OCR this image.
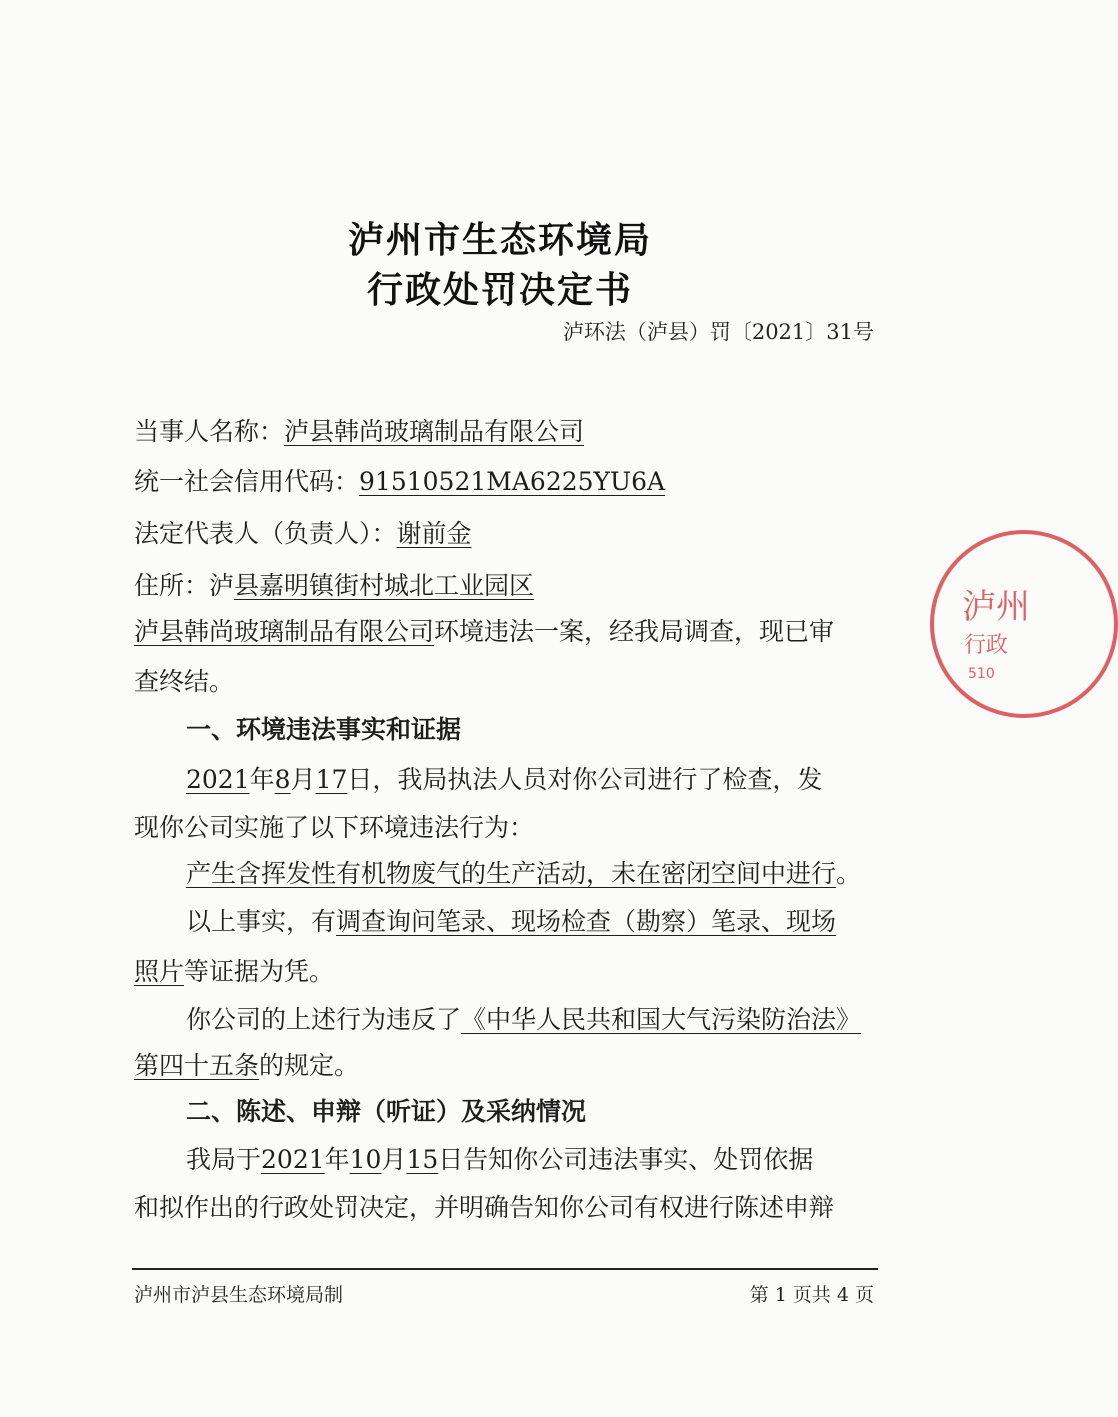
泸州市生态环境局
行政处罚决定书
泸环法（泸县）罚〔2021〕31号
当事人名称：泸县韩尚玻璃制品有限公司
统一社会信用代码：91510521MA6225YU6A
法定代表人（负责人）：谢前金
住所：泸县嘉明镇街村城北工业园区
泸县韩尚玻璃制品有限公司环境违法一案，经我局调查，现已审
查终结。
一、环境违法事实和证据
2021年8月17日，我局执法人员对你公司进行了检查，发
现你公司实施了以下环境违法行为：
产生含挥发性有机物废气的生产活动，未在密闭空间中进行。
以上事实，有调查询问笔录、现场检查（勘察）笔录、现场
照片等证据为凭。
你公司的上述行为违反了《中华人民共和国大气污染防治法》
第四十五条的规定。
二、陈述、申辩（听证）及采纳情况
我局于2021年10月15日告知你公司违法事实、处罚依据
和拟作出的行政处罚决定，并明确告知你公司有权进行陈述申辩
泸州市泸县生态环境局制	第 1 页共 4 页
泸州
行政
510
